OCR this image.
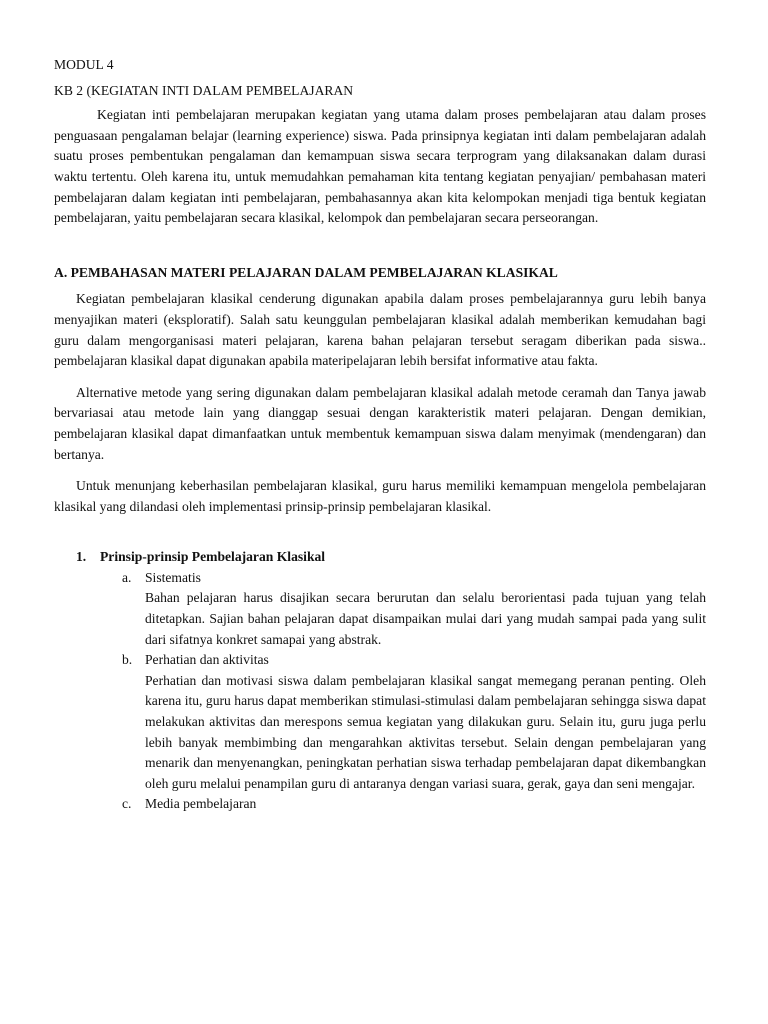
MODUL 4
KB 2 (KEGIATAN INTI DALAM PEMBELAJARAN

Kegiatan inti pembelajaran merupakan kegiatan yang utama dalam proses pembelajaran atau dalam proses penguasaan pengalaman belajar (learning experience) siswa. Pada prinsipnya kegiatan inti dalam pembelajaran adalah suatu proses pembentukan pengalaman dan kemampuan siswa secara terprogram yang dilaksanakan dalam durasi waktu tertentu. Oleh karena itu, untuk memudahkan pemahaman kita tentang kegiatan penyajian/ pembahasan materi pembelajaran dalam kegiatan inti pembelajaran, pembahasannya akan kita kelompokan menjadi tiga bentuk kegiatan pembelajaran, yaitu pembelajaran secara klasikal, kelompok dan pembelajaran secara perseorangan.

A. PEMBAHASAN MATERI PELAJARAN DALAM PEMBELAJARAN KLASIKAL

Kegiatan pembelajaran klasikal cenderung digunakan apabila dalam proses pembelajarannya guru lebih banya menyajikan materi (eksploratif). Salah satu keunggulan pembelajaran klasikal adalah memberikan kemudahan bagi guru dalam mengorganisasi materi pelajaran, karena bahan pelajaran tersebut seragam diberikan pada siswa.. pembelajaran klasikal dapat digunakan apabila materipelajaran lebih bersifat informative atau fakta.

Alternative metode yang sering digunakan dalam pembelajaran klasikal adalah metode ceramah dan Tanya jawab bervariasai atau metode lain yang dianggap sesuai dengan karakteristik materi pelajaran. Dengan demikian, pembelajaran klasikal dapat dimanfaatkan untuk membentuk kemampuan siswa dalam menyimak (mendengaran) dan bertanya.

Untuk menunjang keberhasilan pembelajaran klasikal, guru harus memiliki kemampuan mengelola pembelajaran klasikal yang dilandasi oleh implementasi prinsip-prinsip pembelajaran klasikal.

1.	Prinsip-prinsip Pembelajaran Klasikal
a. Sistematis

Bahan pelajaran harus disajikan secara berurutan dan selalu berorientasi pada tujuan yang telah ditetapkan. Sajian bahan pelajaran dapat disampaikan mulai dari yang mudah sampai pada yang sulit dari sifatnya konkret samapai yang abstrak.

b. Perhatian dan aktivitas

Perhatian dan motivasi siswa dalam pembelajaran klasikal sangat memegang peranan penting. Oleh karena itu, guru harus dapat memberikan stimulasi-stimulasi dalam pembelajaran sehingga siswa dapat melakukan aktivitas dan merespons semua kegiatan yang dilakukan guru. Selain itu, guru juga perlu lebih banyak membimbing dan mengarahkan aktivitas tersebut. Selain dengan pembelajaran yang menarik dan menyenangkan, peningkatan perhatian siswa terhadap pembelajaran dapat dikembangkan oleh guru melalui penampilan guru di antaranya dengan variasi suara, gerak, gaya dan seni mengajar.

c. Media pembelajaran
